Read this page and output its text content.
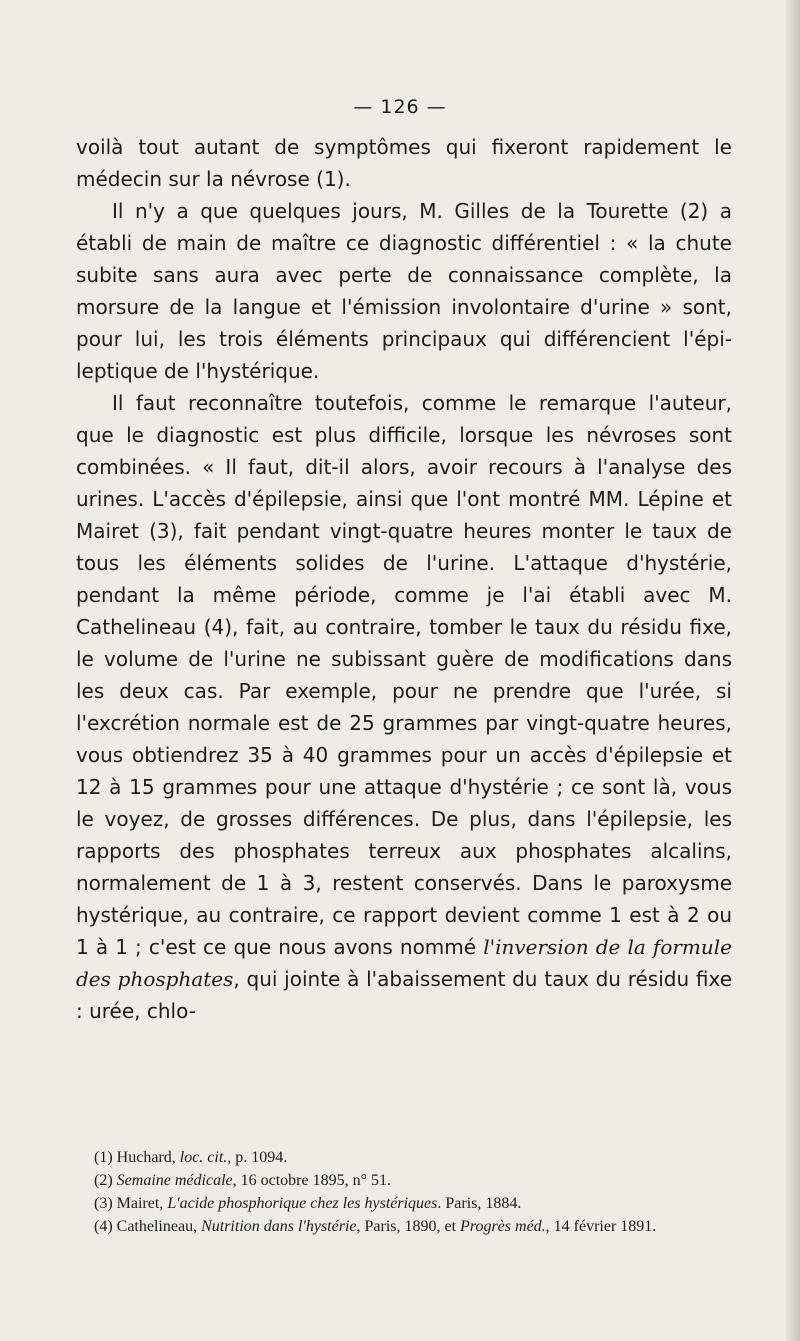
— 126 —

voilà tout autant de symptômes qui fixeront rapidement le médecin sur la névrose (1).

Il n'y a que quelques jours, M. Gilles de la Tourette (2) a établi de main de maître ce diagnostic différentiel : « la chute subite sans aura avec perte de connaissance complète, la morsure de la langue et l'émission involontaire d'urine » sont, pour lui, les trois éléments principaux qui différencient l'épileptique de l'hystérique.

Il faut reconnaître toutefois, comme le remarque l'auteur, que le diagnostic est plus difficile, lorsque les névroses sont combinées. « Il faut, dit-il alors, avoir recours à l'analyse des urines. L'accès d'épilepsie, ainsi que l'ont montré MM. Lépine et Mairet (3), fait pendant vingt-quatre heures monter le taux de tous les éléments solides de l'urine. L'attaque d'hystérie, pendant la même période, comme je l'ai établi avec M. Cathelineau (4), fait, au contraire, tomber le taux du résidu fixe, le volume de l'urine ne subissant guère de modifications dans les deux cas. Par exemple, pour ne prendre que l'urée, si l'excrétion normale est de 25 grammes par vingt-quatre heures, vous obtiendrez 35 à 40 grammes pour un accès d'épilepsie et 12 à 15 grammes pour une attaque d'hystérie ; ce sont là, vous le voyez, de grosses différences. De plus, dans l'épilepsie, les rapports des phosphates terreux aux phosphates alcalins, normalement de 1 à 3, restent conservés. Dans le paroxysme hystérique, au contraire, ce rapport devient comme 1 est à 2 ou 1 à 1 ; c'est ce que nous avons nommé l'inversion de la formule des phosphates, qui jointe à l'abaissement du taux du résidu fixe : urée, chlo-

(1) Huchard, loc. cit., p. 1094.

(2) Semaine médicale, 16 octobre 1895, n° 51.

(3) Mairet, L'acide phosphorique chez les hystériques. Paris, 1884.

(4) Cathelineau, Nutrition dans l'hystérie, Paris, 1890, et Progrès méd., 14 février 1891.
